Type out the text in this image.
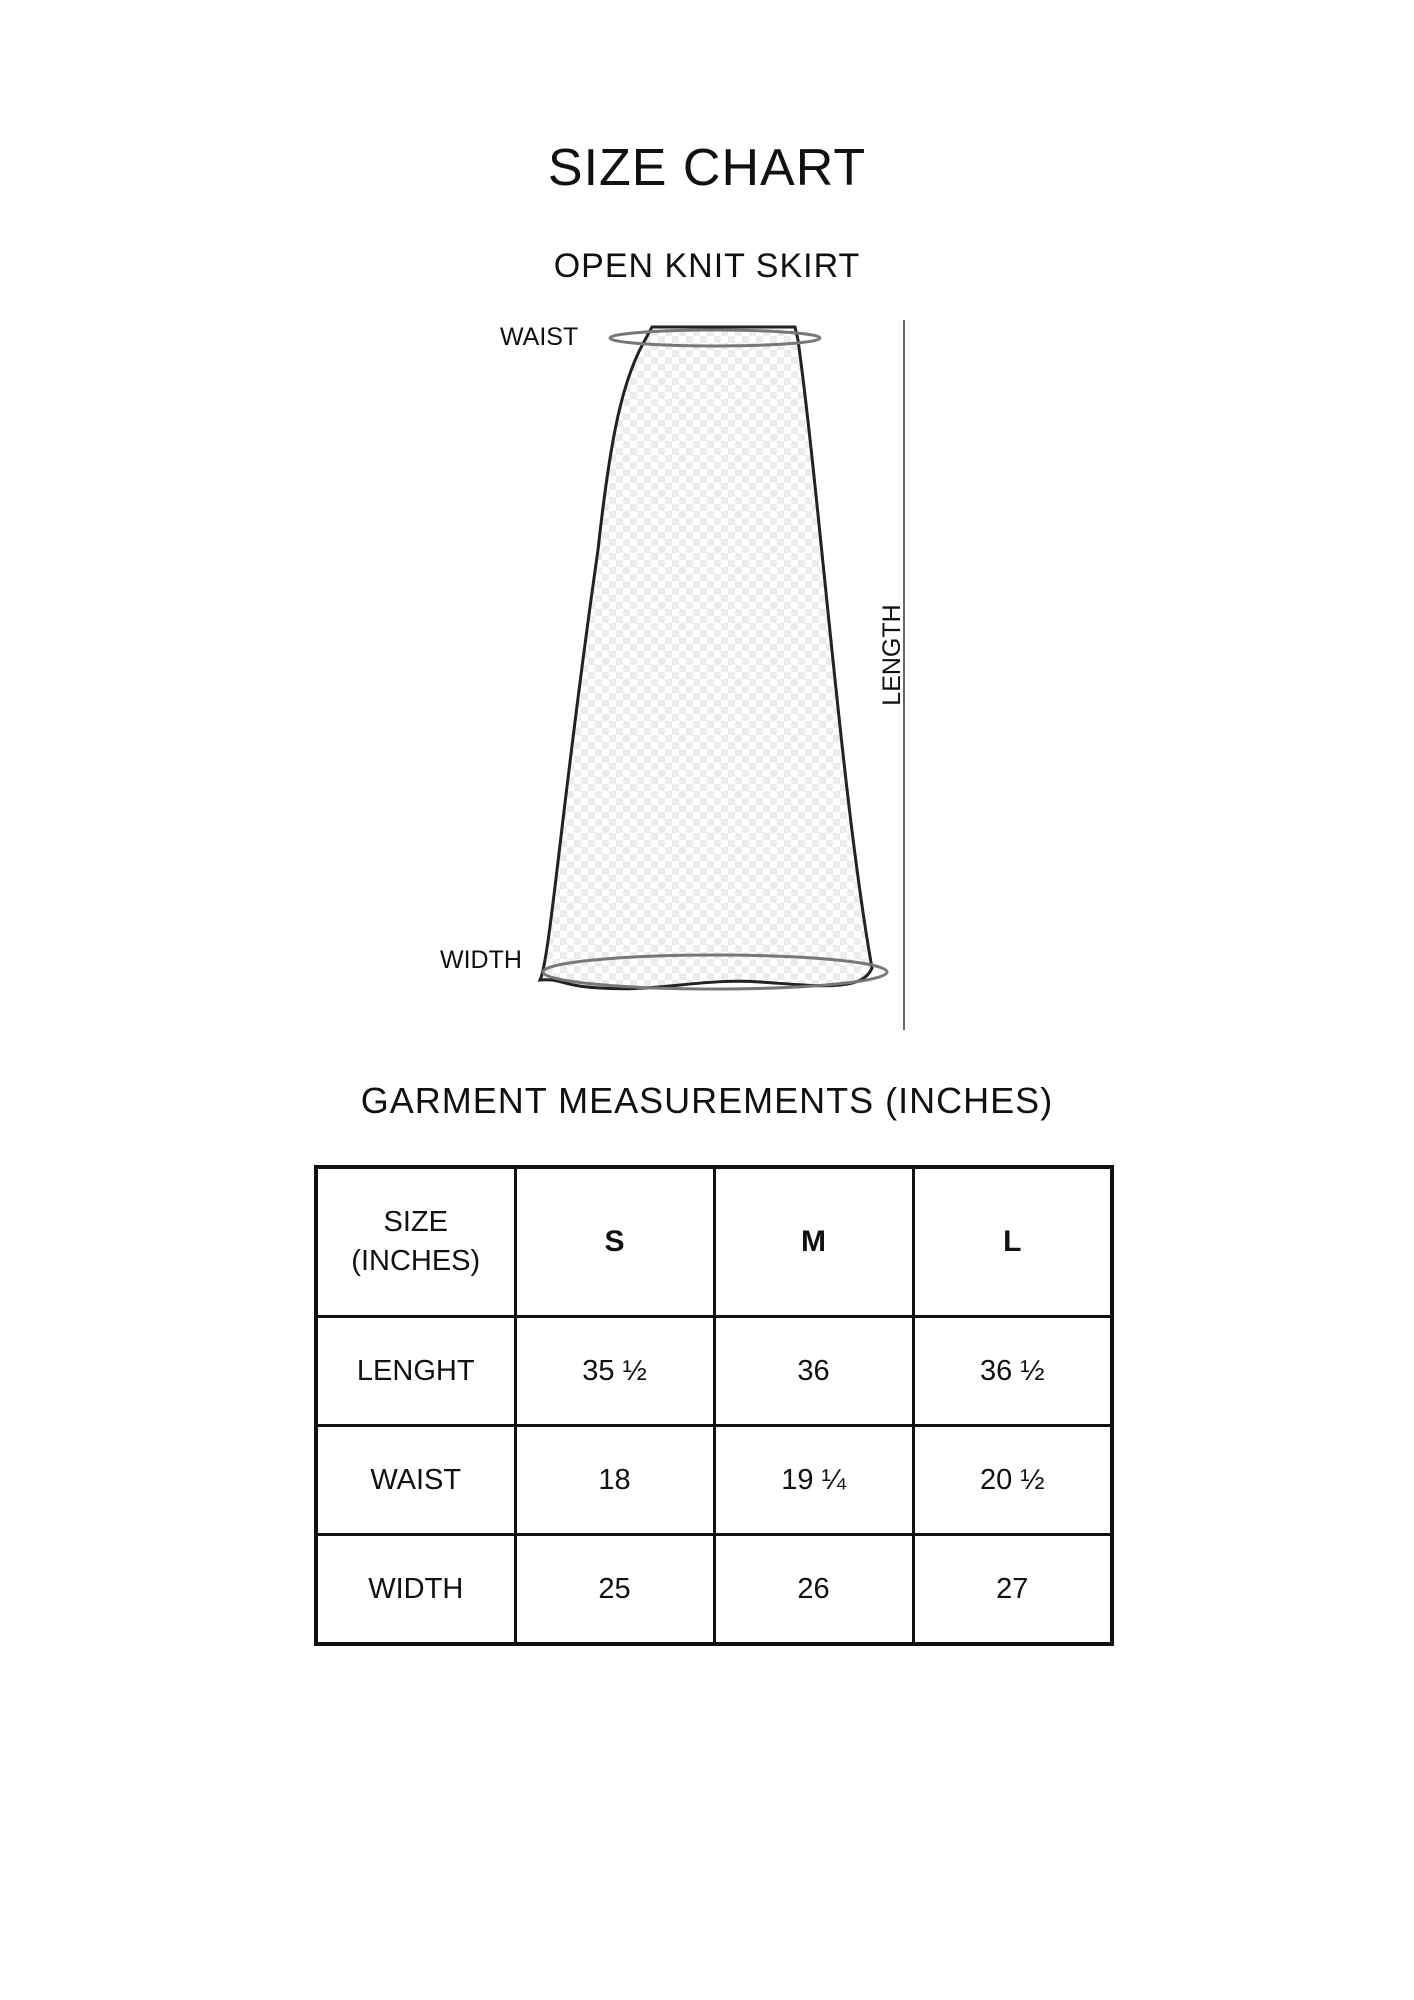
SIZE CHART
OPEN KNIT SKIRT
WAIST
WIDTH
LENGTH
GARMENT MEASUREMENTS (INCHES)
SIZE
(INCHES)	S	M	L
LENGHT	35 ½	36	36 ½
WAIST	18	19 ¼	20 ½
WIDTH	25	26	27
